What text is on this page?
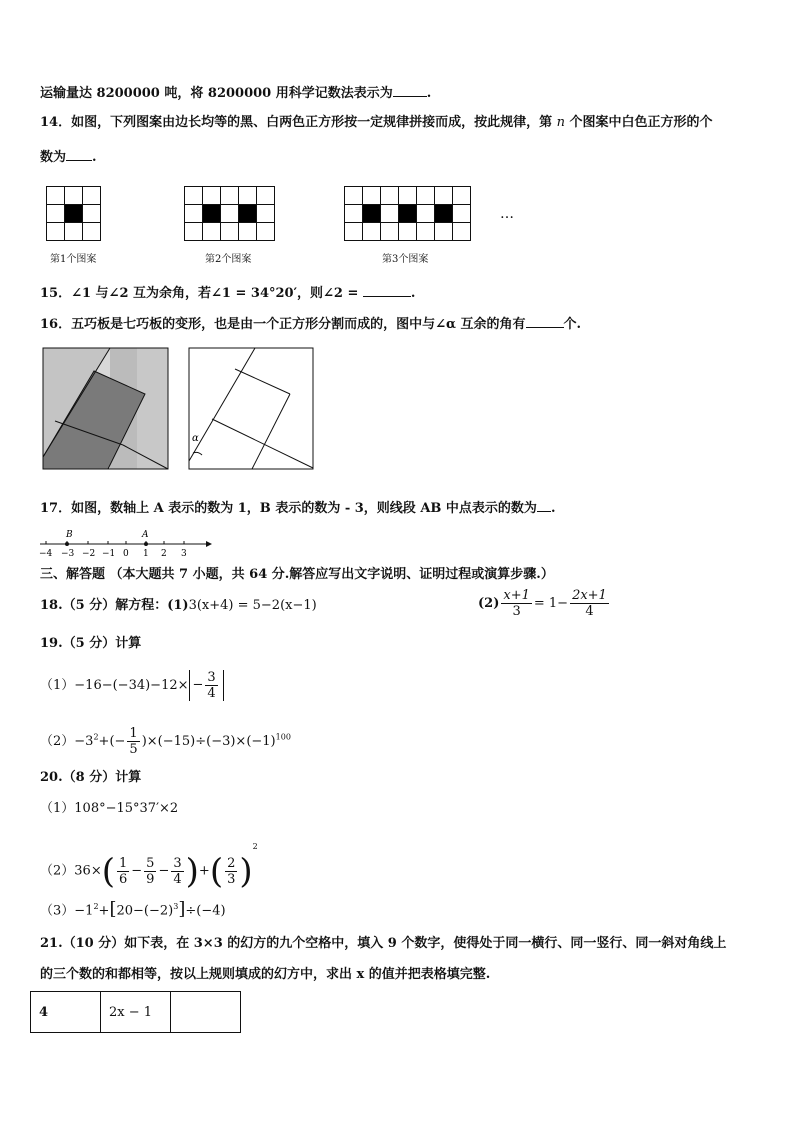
运输量达 8200000 吨，将 8200000 用科学记数法表示为	.
14．如图，下列图案由边长均等的黑、白两色正方形按一定规律拼接而成，按此规律，第 n 个图案中白色正方形的个
数为 .
…
第1个图案	第2个图案	第3个图案
15．∠1 与∠2 互为余角，若∠1 = 34°20′，则∠2 =	.
16．五巧板是七巧板的变形，也是由一个正方形分割而成的，图中与∠α 互余的角有	个.
α
17．如图，数轴上 A 表示的数为 1，B 表示的数为 - 3，则线段 AB 中点表示的数为 .
B	A
−4 −3 −2 −1 0 1 2 3
三、解答题 （本大题共 7 小题，共 64 分.解答应写出文字说明、证明过程或演算步骤.）
18.（5 分）解方程：(1)3(x+4) = 5−2(x−1)	$(2) \frac{x+1}{3} = 1- \frac{2x+1}{4}$
19.（5 分）计算
$(1)-16-(-34)-12\times - \frac{3}{4}$
$(2)-3^2+(- \frac{1}{5} )\times(-15)\div(-3)\times(-1)^{100}$
20.（8 分）计算
（1）108°−15°37′×2
$(2)36\times( \frac{1}{6} - \frac{5}{9} - \frac{3}{4}$ )+( $\frac{2}{3} )^2$
$(3)-1^2+[20-(-2)^3]\div(-4)$
21.（10 分）如下表，在 3×3 的幻方的九个空格中，填入 9 个数字，使得处于同一横行、同一竖行、同一斜对角线上
的三个数的和都相等，按以上规则填成的幻方中，求出 x 的值并把表格填完整.
4	2x − 1	
